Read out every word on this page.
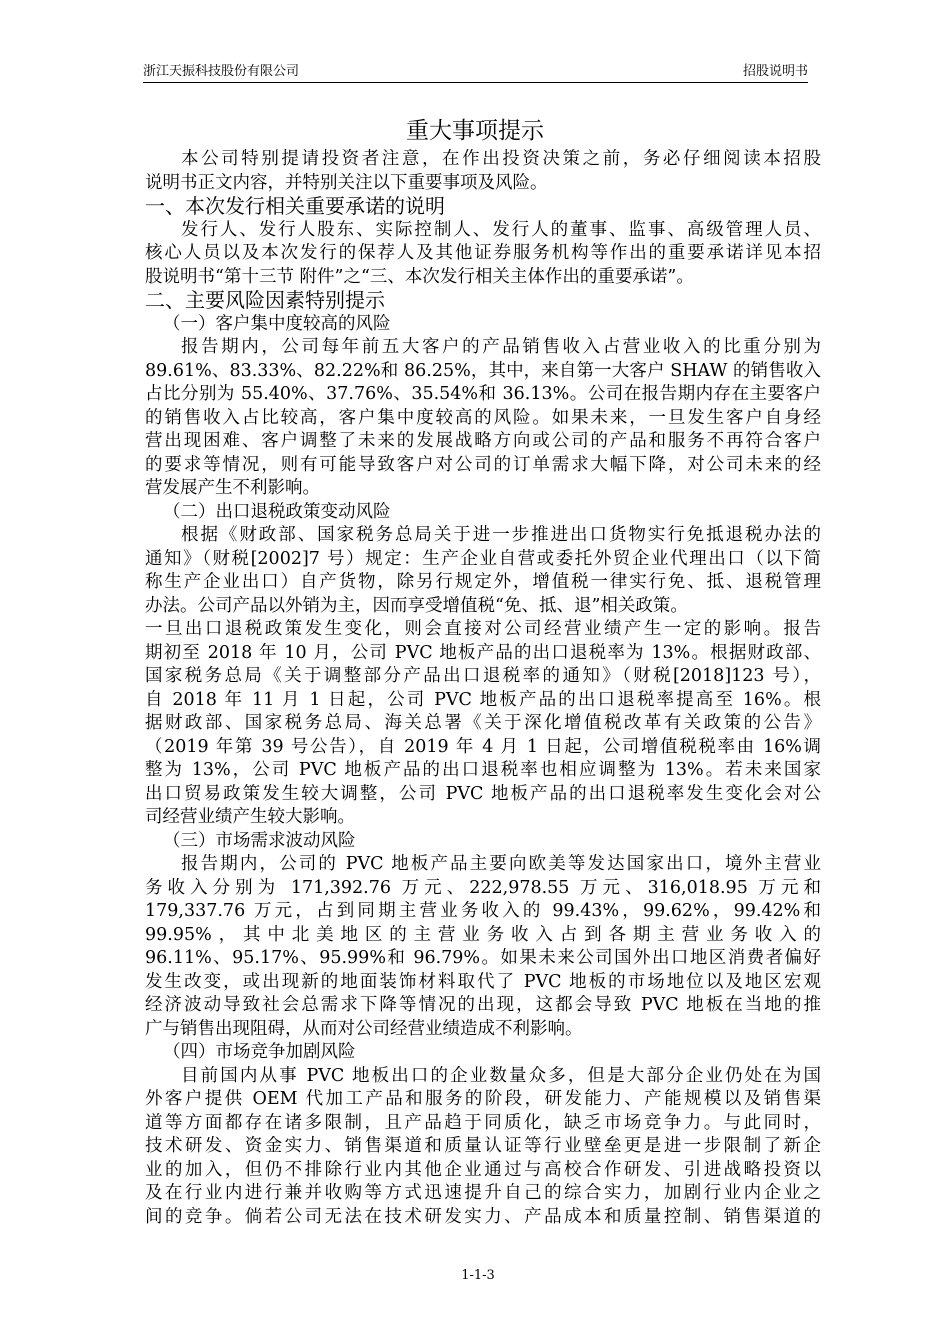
浙江天振科技股份有限公司	招股说明书
重大事项提示
本公司特别提请投资者注意，在作出投资决策之前，务必仔细阅读本招股
说明书正文内容，并特别关注以下重要事项及风险。
一、本次发行相关重要承诺的说明
发行人、发行人股东、实际控制人、发行人的董事、监事、高级管理人员、
核心人员以及本次发行的保荐人及其他证券服务机构等作出的重要承诺详见本招
股说明书“第十三节 附件”之“三、本次发行相关主体作出的重要承诺”。
二、主要风险因素特别提示
（一）客户集中度较高的风险
报告期内，公司每年前五大客户的产品销售收入占营业收入的比重分别为
89.61%、83.33%、82.22%和 86.25%，其中，来自第一大客户 SHAW 的销售收入
占比分别为 55.40%、37.76%、35.54%和 36.13%。公司在报告期内存在主要客户
的销售收入占比较高，客户集中度较高的风险。如果未来，一旦发生客户自身经
营出现困难、客户调整了未来的发展战略方向或公司的产品和服务不再符合客户
的要求等情况，则有可能导致客户对公司的订单需求大幅下降，对公司未来的经
营发展产生不利影响。
（二）出口退税政策变动风险
根据《财政部、国家税务总局关于进一步推进出口货物实行免抵退税办法的
通知》（财税[2002]7 号）规定：生产企业自营或委托外贸企业代理出口（以下简
称生产企业出口）自产货物，除另行规定外，增值税一律实行免、抵、退税管理
办法。公司产品以外销为主，因而享受增值税“免、抵、退”相关政策。
一旦出口退税政策发生变化，则会直接对公司经营业绩产生一定的影响。报告
期初至 2018 年 10 月，公司 PVC 地板产品的出口退税率为 13%。根据财政部、
国家税务总局《关于调整部分产品出口退税率的通知》（财税[2018]123 号），
自 2018 年 11 月 1 日起，公司 PVC 地板产品的出口退税率提高至 16%。根
据财政部、国家税务总局、海关总署《关于深化增值税改革有关政策的公告》
（2019 年第 39 号公告），自 2019 年 4 月 1 日起，公司增值税税率由 16%调
整为 13%，公司 PVC 地板产品的出口退税率也相应调整为 13%。若未来国家
出口贸易政策发生较大调整，公司 PVC 地板产品的出口退税率发生变化会对公
司经营业绩产生较大影响。
（三）市场需求波动风险
报告期内，公司的 PVC 地板产品主要向欧美等发达国家出口，境外主营业
务收入分别为 171,392.76 万元、222,978.55 万元、316,018.95 万元和
179,337.76 万元，占到同期主营业务收入的 99.43%，99.62%，99.42%和
99.95%，其中北美地区的主营业务收入占到各期主营业务收入的
96.11%、95.17%、95.99%和 96.79%。如果未来公司国外出口地区消费者偏好
发生改变，或出现新的地面装饰材料取代了 PVC 地板的市场地位以及地区宏观
经济波动导致社会总需求下降等情况的出现，这都会导致 PVC 地板在当地的推
广与销售出现阻碍，从而对公司经营业绩造成不利影响。
（四）市场竞争加剧风险
目前国内从事 PVC 地板出口的企业数量众多，但是大部分企业仍处在为国
外客户提供 OEM 代加工产品和服务的阶段，研发能力、产能规模以及销售渠
道等方面都存在诸多限制，且产品趋于同质化，缺乏市场竞争力。与此同时，
技术研发、资金实力、销售渠道和质量认证等行业壁垒更是进一步限制了新企
业的加入，但仍不排除行业内其他企业通过与高校合作研发、引进战略投资以
及在行业内进行兼并收购等方式迅速提升自己的综合实力，加剧行业内企业之
间的竞争。倘若公司无法在技术研发实力、产品成本和质量控制、销售渠道的
1-1-3
